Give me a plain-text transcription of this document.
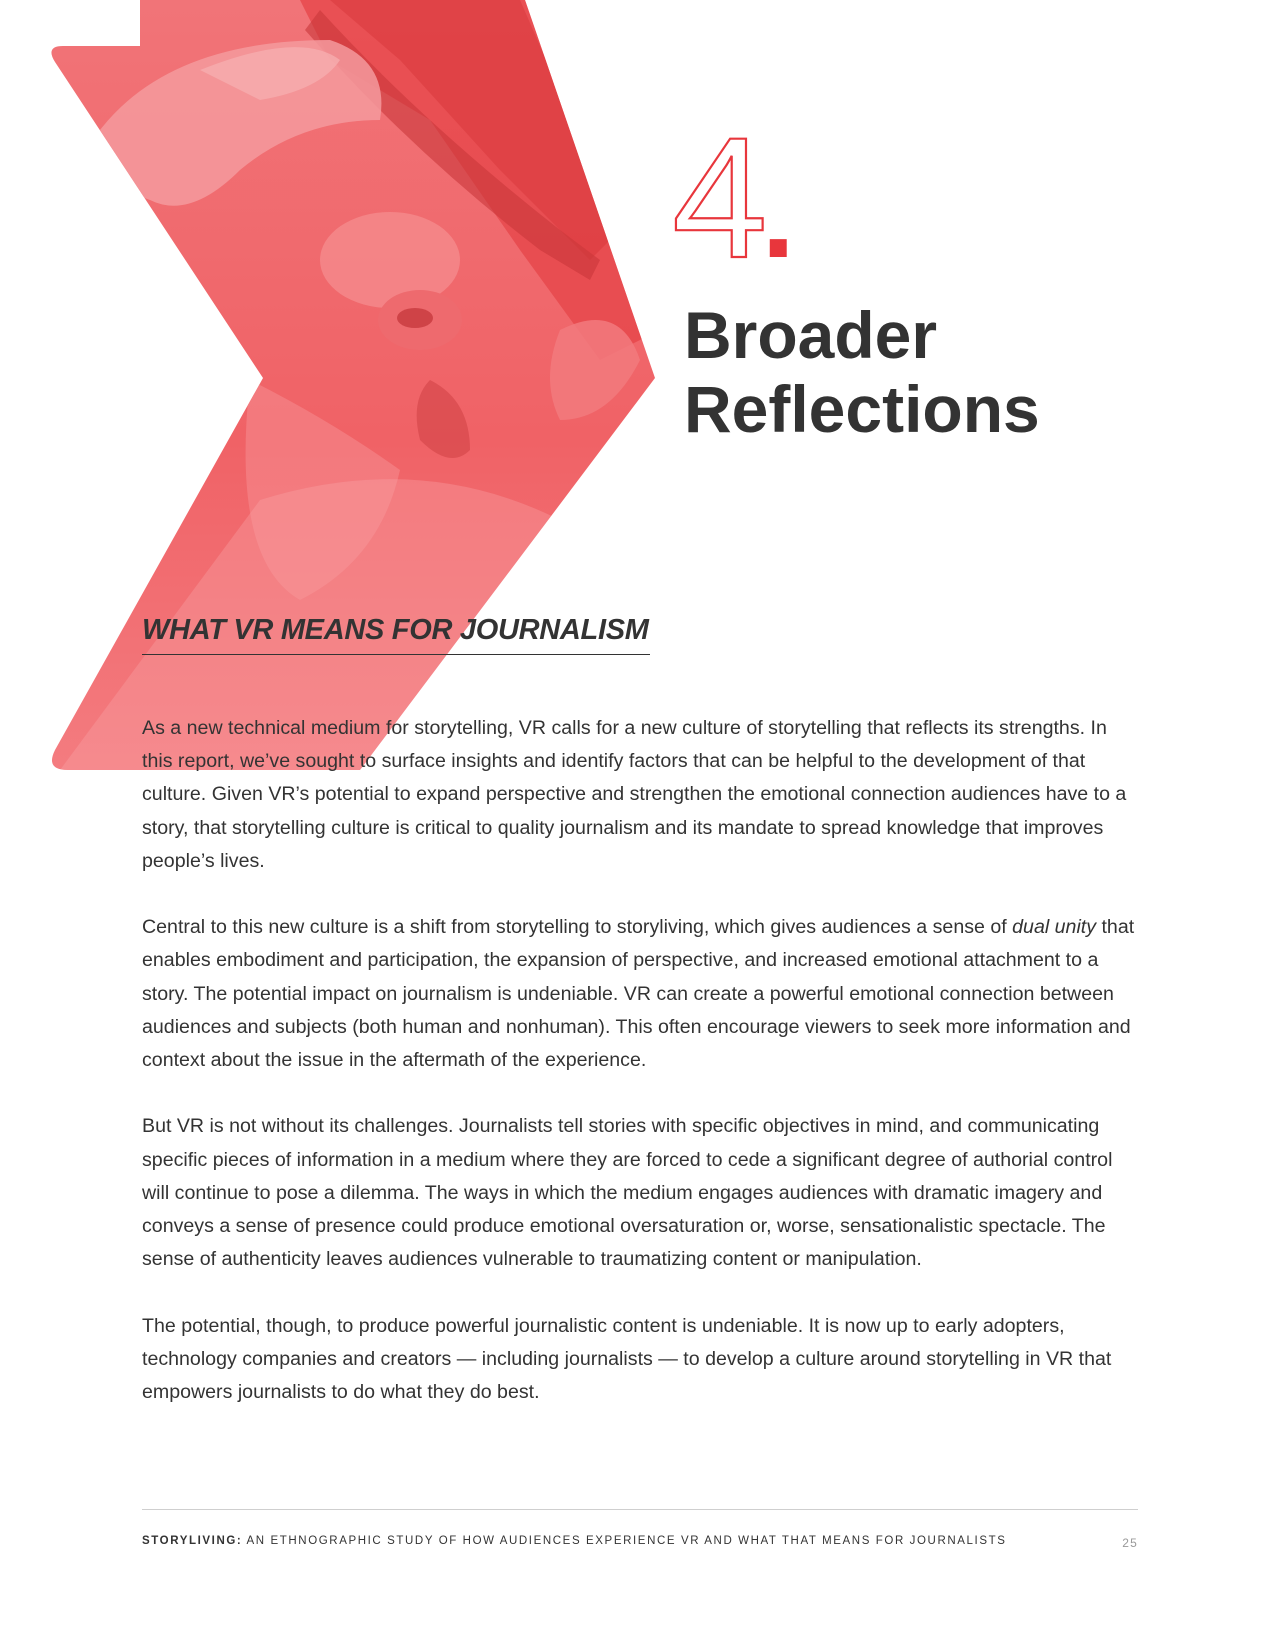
4.
Broader
Reflections
WHAT VR MEANS FOR JOURNALISM

As a new technical medium for storytelling, VR calls for a new culture of storytelling that reflects its strengths. In this report, we’ve sought to surface insights and identify factors that can be helpful to the development of that culture. Given VR’s potential to expand perspective and strengthen the emotional connection audiences have to a story, that storytelling culture is critical to quality journalism and its mandate to spread knowledge that improves people’s lives.

Central to this new culture is a shift from storytelling to storyliving, which gives audiences a sense of dual unity that enables embodiment and participation, the expansion of perspective, and increased emotional attachment to a story. The potential impact on journalism is undeniable. VR can create a powerful emotional connection between audiences and subjects (both human and nonhuman). This often encourage viewers to seek more information and context about the issue in the aftermath of the experience.

But VR is not without its challenges. Journalists tell stories with specific objectives in mind, and communicating specific pieces of information in a medium where they are forced to cede a significant degree of authorial control will continue to pose a dilemma. The ways in which the medium engages audiences with dramatic imagery and conveys a sense of presence could produce emotional oversaturation or, worse, sensationalistic spectacle. The sense of authenticity leaves audiences vulnerable to traumatizing content or manipulation.

The potential, though, to produce powerful journalistic content is undeniable. It is now up to early adopters, technology companies and creators — including journalists — to develop a culture around storytelling in VR that empowers journalists to do what they do best.

STORYLIVING: AN ETHNOGRAPHIC STUDY OF HOW AUDIENCES EXPERIENCE VR AND WHAT THAT MEANS FOR JOURNALISTS	25
